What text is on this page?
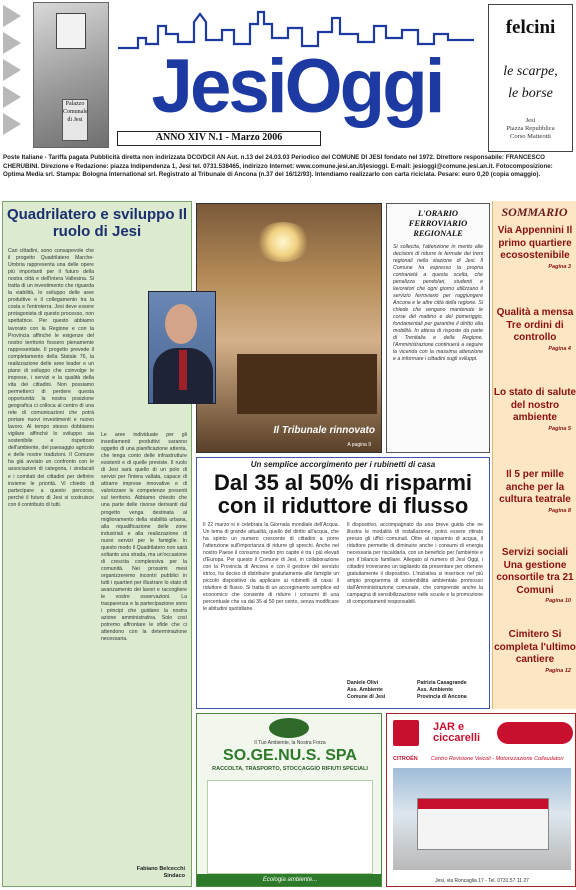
Palazzo Comunale di Jesi JesiOggi
ANNO XIV N.1 - Marzo 2006
felcini
le scarpe,
le borse
Jesi
Piazza Repubblica
Corso Matteotti
Poste Italiane - Tariffa pagata Pubblicità diretta non indirizzata DCO/DC/I AN Aut. n.13 del 24.03.03 Periodico del COMUNE DI JESI fondato nel 1972. Direttore responsabile: FRANCESCO CHERUBINI. Direzione e Redazione: piazza Indipendenza 1, Jesi tel. 0731.538465, indirizzo Internet: www.comune.jesi.an.it/jesioggi. E-mail: jesioggi@comune.jesi.an.it. Fotocomposizione: Optima Media srl. Stampa: Bologna International srl. Registrato al Tribunale di Ancona (n.37 del 16/12/93). Intendiamo realizzarlo con carta riciclata. Pesare: euro 0,20 (copia omaggio).
Quadrilatero e sviluppo Il ruolo di Jesi
Cari cittadini, sono consapevole che il progetto Quadrilatero Marche-Umbria rappresenta una delle opere più importanti per il futuro della nostra città e dell'intera Vallesina. Si tratta di un investimento che riguarda la viabilità, lo sviluppo delle aree produttive e il collegamento tra la costa e l'entroterra. Jesi deve essere protagonista di questo processo, non spettatrice. Per questo abbiamo lavorato con la Regione e con la Provincia affinché le esigenze del nostro territorio fossero pienamente rappresentate. Il progetto prevede il completamento della Statale 76, la realizzazione delle aree leader e un piano di sviluppo che coinvolge le imprese, i servizi e la qualità della vita dei cittadini. Non possiamo permetterci di perdere questa opportunità: la nostra posizione geografica ci colloca al centro di una rete di comunicazioni che potrà portare nuovi investimenti e nuovo lavoro. Al tempo stesso dobbiamo vigilare affinché lo sviluppo sia sostenibile e rispettoso dell'ambiente, del paesaggio agricolo e delle nostre tradizioni. Il Comune ha già avviato un confronto con le associazioni di categoria, i sindacati e i comitati dei cittadini per definire insieme le priorità. Vi chiedo di partecipare a questo percorso, perché il futuro di Jesi si costruisce con il contributo di tutti.
Le aree individuate per gli insediamenti produttivi saranno oggetto di una pianificazione attenta, che tenga conto delle infrastrutture esistenti e di quelle previste. Il ruolo di Jesi sarà quello di un polo di servizi per l'intera vallata, capace di attrarre imprese innovative e di valorizzare le competenze presenti sul territorio. Abbiamo chiesto che una parte delle risorse derivanti dal progetto venga destinata al miglioramento della viabilità urbana, alla riqualificazione delle zone industriali e alla realizzazione di nuovi servizi per le famiglie. In questo modo il Quadrilatero non sarà soltanto una strada, ma un'occasione di crescita complessiva per la comunità. Nei prossimi mesi organizzeremo incontri pubblici in tutti i quartieri per illustrare lo stato di avanzamento dei lavori e raccogliere le vostre osservazioni. La trasparenza e la partecipazione sono i principi che guidano la nostra azione amministrativa. Solo così potremo affrontare le sfide che ci attendono con la determinazione necessaria.
Fabiano Belcecchi
Sindaco
Il Tribunale rinnovato
A pagina 9
L'ORARIO FERROVIARIO REGIONALE
Si sollecita, l'attenzione in merito alle decisioni di ridurre le fermate dei treni regionali nella stazione di Jesi. Il Comune ha espresso la propria contrarietà a questa scelta, che penalizza pendolari, studenti e lavoratori che ogni giorno utilizzano il servizio ferroviario per raggiungere Ancona e le altre città della regione. Si chiede che vengano mantenute le corse del mattino e del pomeriggio, fondamentali per garantire il diritto alla mobilità. In attesa di risposte da parte di Trenitalia e della Regione, l'Amministrazione continuerà a seguire la vicenda con la massima attenzione e a informare i cittadini sugli sviluppi.
SOMMARIO
Via Appennini Il primo quartiere ecosostenibile
Pagina 3
Qualità a mensa Tre ordini di controllo
Pagina 4
Lo stato di salute del nostro ambiente
Pagina 5
Il 5 per mille anche per la cultura teatrale
Pagina 8
Servizi sociali Una gestione consortile tra 21 Comuni
Pagina 10
Cimitero Si completa l'ultimo cantiere
Pagina 12
Un semplice accorgimento per i rubinetti di casa
Dal 35 al 50% di risparmi con il riduttore di flusso
Il 22 marzo si è celebrata la Giornata mondiale dell'Acqua. Un tema di grande attualità, quello del diritto all'acqua, che ha spinto un numero crescente di cittadini a porre l'attenzione sull'importanza di ridurre gli sprechi. Anche nel nostro Paese il consumo medio pro capite è tra i più elevati d'Europa. Per questo il Comune di Jesi, in collaborazione con la Provincia di Ancona e con il gestore del servizio idrico, ha deciso di distribuire gratuitamente alle famiglie un piccolo dispositivo da applicare ai rubinetti di casa: il riduttore di flusso. Si tratta di un accorgimento semplice ed economico che consente di ridurre i consumi di una percentuale che va dal 35 al 50 per cento, senza modificare le abitudini quotidiane.
Il dispositivo, accompagnato da una breve guida che ne illustra le modalità di installazione, potrà essere ritirato presso gli uffici comunali. Oltre al risparmio di acqua, il riduttore permette di diminuire anche i consumi di energia necessaria per riscaldarla, con un beneficio per l'ambiente e per il bilancio familiare. Allegato al numero di Jesi Oggi, i cittadini troveranno un tagliando da presentare per ottenere gratuitamente il dispositivo. L'iniziativa si inserisce nel più ampio programma di sostenibilità ambientale promosso dall'Amministrazione comunale, che comprende anche la campagna di sensibilizzazione nelle scuole e la promozione di comportamenti responsabili.
Daniele Olivi
Ass. Ambiente
Comune di Jesi
Patrizia Casagrande
Ass. Ambiente
Provincia di Ancona
Il Tuo Ambiente, la Nostra Forza
SO.GE.NU.S. SPA
RACCOLTA, TRASPORTO, STOCCAGGIO RIFIUTI SPECIALI
Ecologia ambiente...
JAR e
ciccarelli
CITROËN Centro Revisione Veicoli - Motorizzazione Collaudatori
Jesi, via Roncaglia 17 - Tel. 0731.57 11 27
